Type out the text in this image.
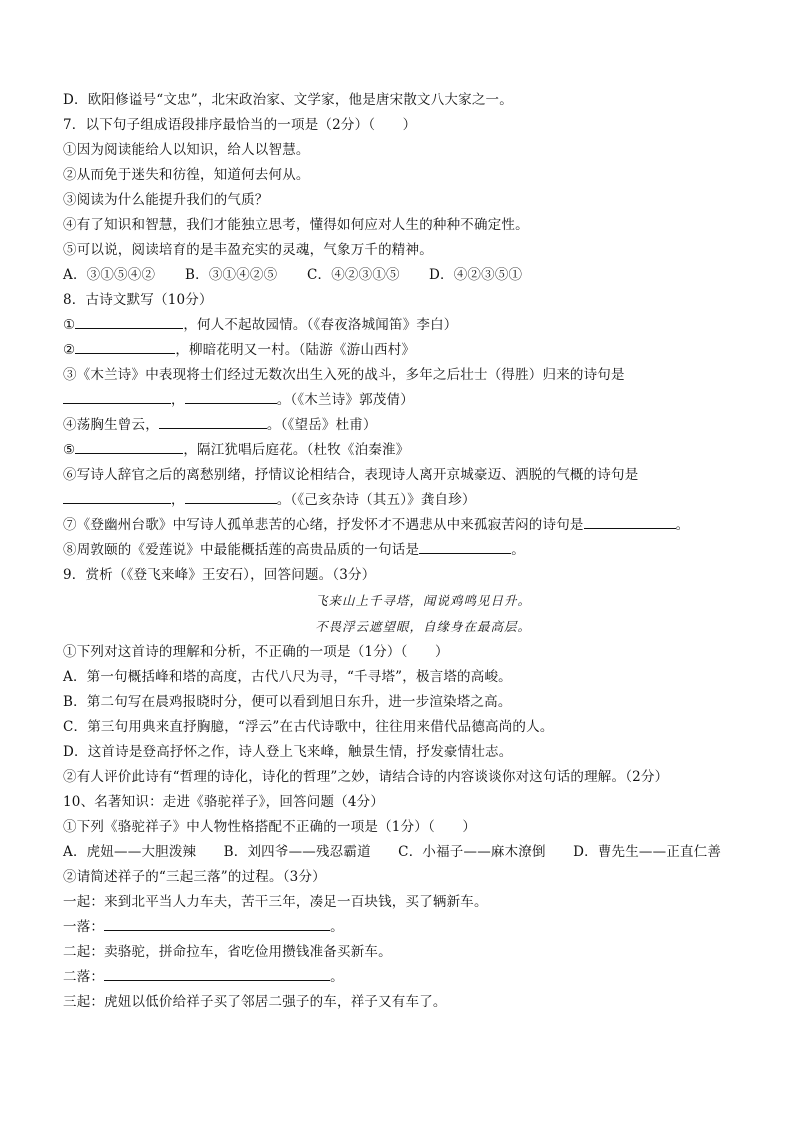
D．欧阳修谥号“文忠”，北宋政治家、文学家，他是唐宋散文八大家之一。
7．以下句子组成语段排序最恰当的一项是（2分）（　　）
①因为阅读能给人以知识，给人以智慧。
②从而免于迷失和彷徨，知道何去何从。
③阅读为什么能提升我们的气质？
④有了知识和智慧，我们才能独立思考，懂得如何应对人生的种种不确定性。
⑤可以说，阅读培育的是丰盈充实的灵魂，气象万千的精神。
A．③①⑤④② B．③①④②⑤ C．④②③①⑤ D．④②③⑤①
8．古诗文默写（10分）
①	，何人不起故园情。（《春夜洛城闻笛》李白）
②	，柳暗花明又一村。（陆游《游山西村》
③《木兰诗》中表现将士们经过无数次出生入死的战斗，多年之后壮士（得胜）归来的诗句是
，	。（《木兰诗》郭茂倩）
④荡胸生曾云，	。（《望岳》杜甫）
⑤	，隔江犹唱后庭花。（杜牧《泊秦淮》
⑥写诗人辞官之后的离愁别绪，抒情议论相结合，表现诗人离开京城豪迈、洒脱的气概的诗句是
，	。（《己亥杂诗（其五）》龚自珍）
⑦《登幽州台歌》中写诗人孤单悲苦的心绪，抒发怀才不遇悲从中来孤寂苦闷的诗句是	。
⑧周敦颐的《爱莲说》中最能概括莲的高贵品质的一句话是	。
9．赏析（《登飞来峰》王安石），回答问题。（3分）
飞来山上千寻塔，闻说鸡鸣见日升。
不畏浮云遮望眼，自缘身在最高层。
①下列对这首诗的理解和分析，不正确的一项是（1分）（　　）
A．第一句概括峰和塔的高度，古代八尺为寻，“千寻塔”，极言塔的高峻。
B．第二句写在晨鸡报晓时分，便可以看到旭日东升，进一步渲染塔之高。
C．第三句用典来直抒胸臆，“浮云”在古代诗歌中，往往用来借代品德高尚的人。
D．这首诗是登高抒怀之作，诗人登上飞来峰，触景生情，抒发豪情壮志。
②有人评价此诗有“哲理的诗化，诗化的哲理”之妙，请结合诗的内容谈谈你对这句话的理解。（2分）
10、名著知识：走进《骆驼祥子》，回答问题（4分）
①下列《骆驼祥子》中人物性格搭配不正确的一项是（1分）（　　）
A．虎妞——大胆泼辣　　B．刘四爷——残忍霸道　　C．小福子——麻木潦倒　　D．曹先生——正直仁善
②请简述祥子的“三起三落”的过程。（3分）
一起：来到北平当人力车夫，苦干三年，凑足一百块钱，买了辆新车。
一落：	。
二起：卖骆驼，拼命拉车，省吃俭用攒钱准备买新车。
二落：	。
三起：虎妞以低价给祥子买了邻居二强子的车，祥子又有车了。
